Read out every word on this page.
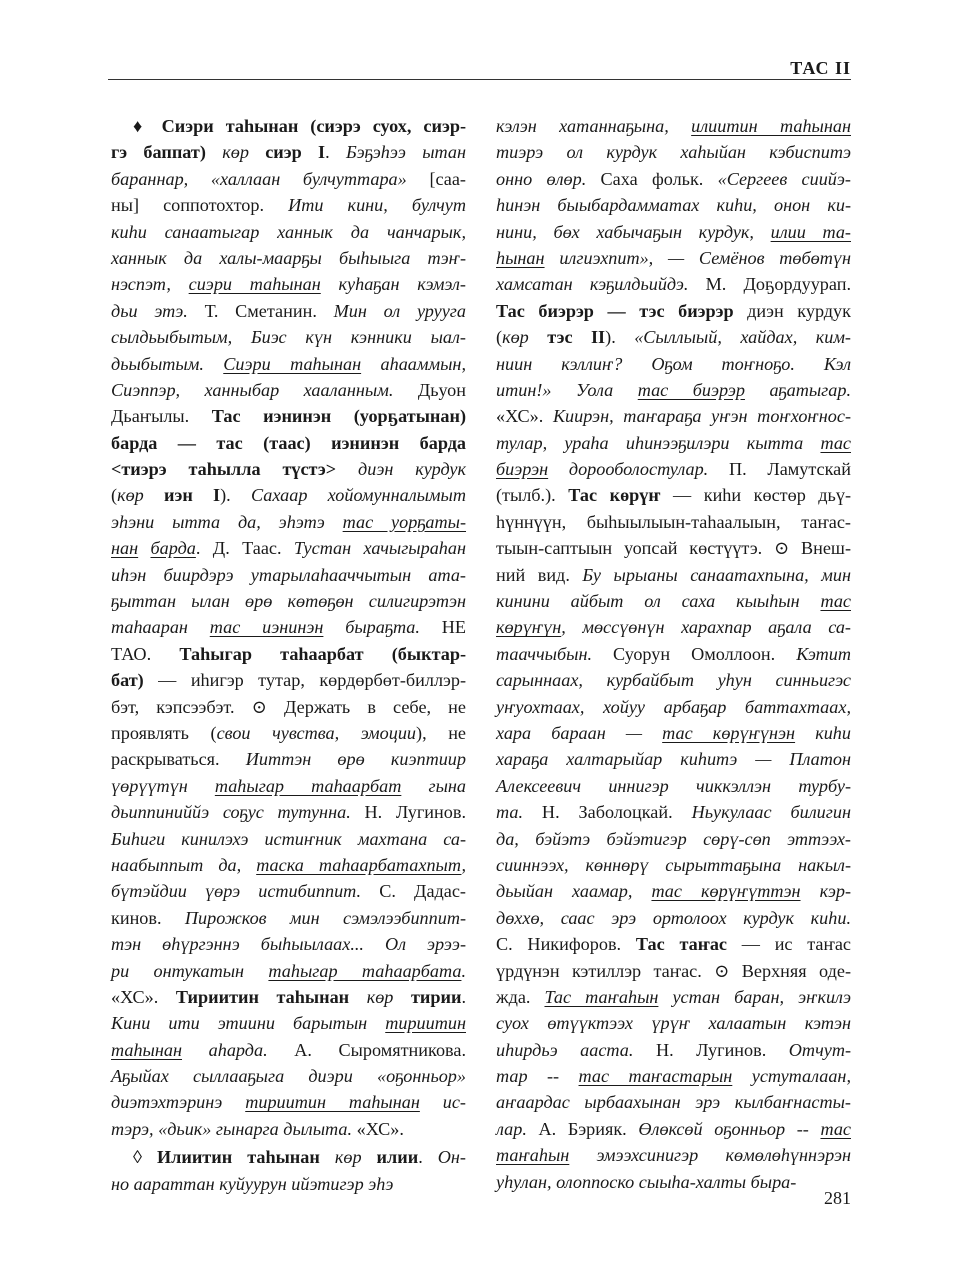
ТАС II
♦ Сиэри таһынан (сиэрэ суох, сиэр-
гэ баппат) көр сиэр I. Бэҕэһээ ытан
бараннар, «халлаан булчуттара» [саа-
ны] соппотохтор. Ити кини, булчут
киһи санаатыгар ханнык да чанчарык,
ханнык да халы-маарҕы быһыыга тэҥ-
нэспэт, сиэри таһынан куһаҕан кэмэл-
дьи этэ. Т. Сметанин. Мин ол уруугa
сылдьыбытым, Биэс күн кэнники ыал-
дьыбытым. Сиэри таһынан аһааммын,
Сиэппэр, ханныбар хааланным. Дьуон
Дьаҥылы. Тас иэнинэн (уорҕатынан)
барда — тас (таас) иэнинэн барда
<тиэрэ таһылла түстэ> диэн курдук
(көр иэн I). Сахаар хойомунналымыт
эһэни ытта да, эһэтэ тас уорҕаты-
нан барда. Д. Таас. Тустан хачыгыраһан
иһэн биирдэрэ утарылаһааччытын ата-
ҕыттан ылан өрө көтөҕөн силигирэтэн
таһааран тас иэнинэн быраҕта. НЕ
ТАО. Таһыгар таһаарбат (быктар-
бат) — иһигэр тутар, көрдөрбөт-биллэр-
бэт, кэпсээбэт. ⊙ Держать в себе, не
проявлять (свои чувства, эмоции), не
раскрываться. Ииттэн өрө киэптиир
үөрүүтүн таһыгар таһаарбат гына
дьиппиниййэ соҕус тутунна. Н. Лугинов.
Биһиги кинилэхэ истиҥник махтана са-
наабыппыт да, таска таһаарбатахпыт,
бүтэйдии үөрэ истибиппит. С. Дадас-
кинов. Пирожков мин сэмэлээбиппит-
тэн өһүргэннэ быһыылаах... Ол эрээ-
ри онтукатын таһыгар таһаарбата.
«ХС». Тириитин таһынан көр тирии.
Кини ити этиини барытын тириитин
таһынан аһарда. А. Сыромятникова.
Аҕыйах сыллааҕыга диэри «оҕонньор»
диэтэхтэринэ тириитин таһынан ис-
тэрэ, «дьик» гынарга дылыта. «ХС».
◊ Илиитин таһынан көр илии. Он-
но аараттан куйуурун ийэтигэр эһэ
кэлэн хатаннаҕына, илиитин таһынан
тиэрэ ол курдук хаһыйан кэбиспитэ
онно өлөр. Саха фольк. «Сергеев сиийэ-
һинэн быыбардамматах киһи, онон ки-
нини, бөх хабычаҕын курдук, илии та-
һынан илгиэхпит», — Семёнов төбөтүн
хамсатан кэҕилдьийдэ. М. Доҕордуурап.
Тас биэрэр — тэс биэрэр диэн курдук
(көр тэс II). «Сыллыый, хайдах, ким-
ниин кэллиҥ? Оҕом тоҥноҕо. Кэл
итин!» Уола тас биэрэр аҕатыгар.
«ХС». Киирэн, таҥараҕа уҥэн тоҥхоҥнос-
тулар, ураһа иһинээҕилэри кытта тас
биэрэн дорооболостулар. П. Ламутскай
(тылб.). Тас көрүҥ — киһи көстөр дьү-
һүннүүн, быһыылыын-таһаалыын, таҥас-
тыын-саптыын уопсай көстүүтэ. ⊙ Внеш-
ний вид. Бу ырыаны санаатахпына, мин
кинини айбыт ол саха кыыһын тас
көрүҥүн, мөссүөнүн харахпар аҕала са-
тааччыбын. Суорун Омоллоон. Кэтит
сарыннаах, курбайбыт уһун синньигэс
уҥуохтаах, хойуу арбаҕар баттахтаах,
хара бараан — тас көрүҥүнэн киһи
хараҕа халтарыйар киһитэ — Платон
Алексеевич иннигэр чиккэллэн турбу-
та. Н. Заболоцкай. Ньукулаас билигин
да, бэйэтэ бэйэтигэр сөрү-сөп эттээх-
сииннээх, көннөрү сырыттаҕына накыл-
дьыйан хаамар, тас көрүҥүттэн кэр-
дөххө, саас эрэ ортолоох курдук киһи.
С. Никифоров. Тас таҥас — ис таҥас
үрдүнэн кэтиллэр таҥас. ⊙ Верхняя оде-
жда. Тас таҥаһын устан баран, эҥкилэ
суох өтүүктээх үрүҥ халаатын кэтэн
иһирдьэ ааста. Н. Лугинов. Отчут-
тар -- тас таҥастарын устуталаан,
аҥаардас ырбаахынан эрэ кылбаҥнасты-
лар. А. Бэрияк. Өлөксөй оҕонньор -- тас
таҥаһын эмээхсинигэр көмөлөһүннэрэн
уһулан, олоппоско сыыһа-халты быра-
281
